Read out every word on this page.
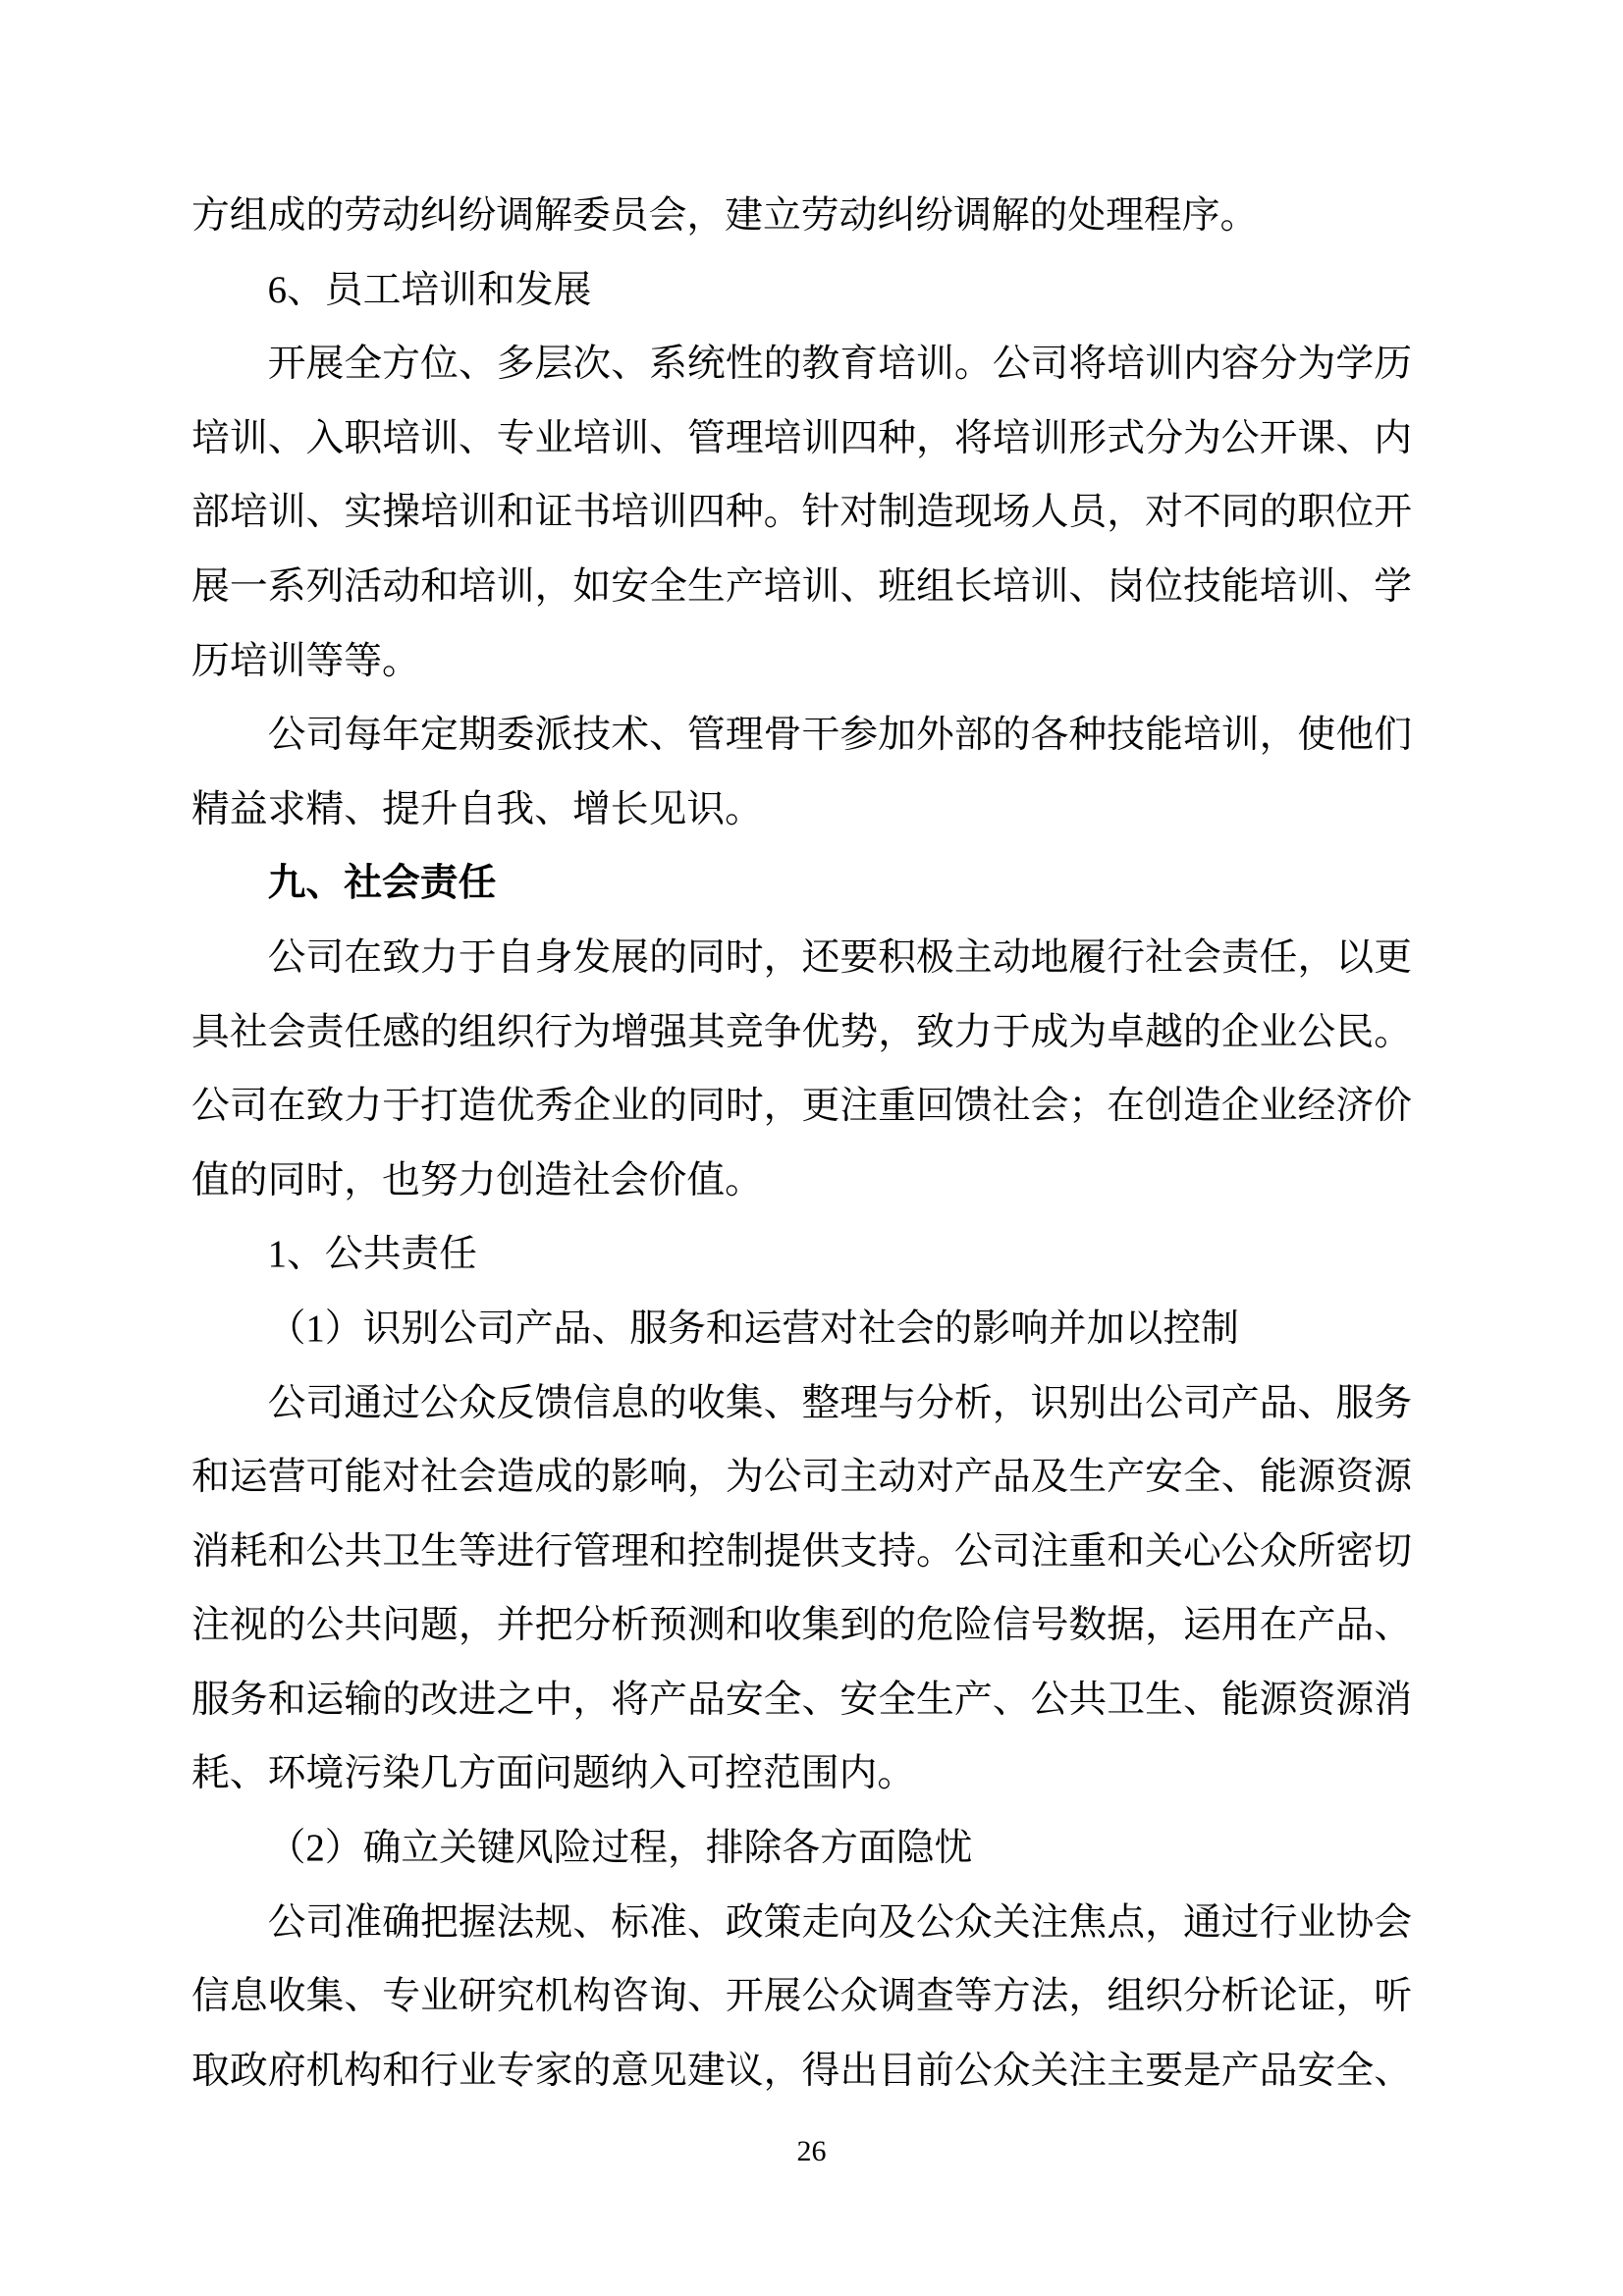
方组成的劳动纠纷调解委员会，建立劳动纠纷调解的处理程序。
6、员工培训和发展
开展全方位、多层次、系统性的教育培训。公司将培训内容分为学历
培训、入职培训、专业培训、管理培训四种，将培训形式分为公开课、内
部培训、实操培训和证书培训四种。针对制造现场人员，对不同的职位开
展一系列活动和培训，如安全生产培训、班组长培训、岗位技能培训、学
历培训等等。
公司每年定期委派技术、管理骨干参加外部的各种技能培训，使他们
精益求精、提升自我、增长见识。
九、社会责任
公司在致力于自身发展的同时，还要积极主动地履行社会责任，以更
具社会责任感的组织行为增强其竞争优势，致力于成为卓越的企业公民。
公司在致力于打造优秀企业的同时，更注重回馈社会；在创造企业经济价
值的同时，也努力创造社会价值。
1、公共责任
（1）识别公司产品、服务和运营对社会的影响并加以控制
公司通过公众反馈信息的收集、整理与分析，识别出公司产品、服务
和运营可能对社会造成的影响，为公司主动对产品及生产安全、能源资源
消耗和公共卫生等进行管理和控制提供支持。公司注重和关心公众所密切
注视的公共问题，并把分析预测和收集到的危险信号数据，运用在产品、
服务和运输的改进之中，将产品安全、安全生产、公共卫生、能源资源消
耗、环境污染几方面问题纳入可控范围内。
（2）确立关键风险过程，排除各方面隐忧
公司准确把握法规、标准、政策走向及公众关注焦点，通过行业协会
信息收集、专业研究机构咨询、开展公众调查等方法，组织分析论证，听
取政府机构和行业专家的意见建议，得出目前公众关注主要是产品安全、
26
